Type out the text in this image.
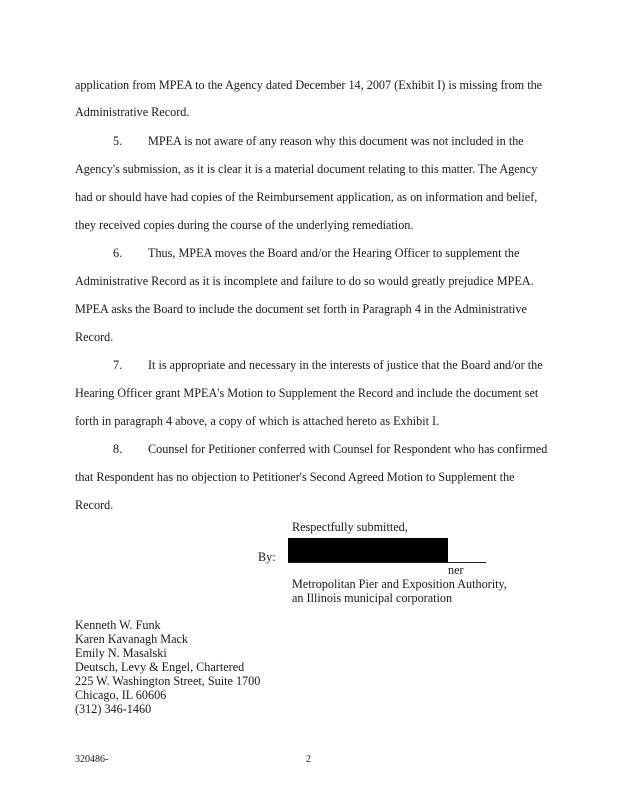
application from MPEA to the Agency dated December 14, 2007 (Exhibit I) is missing from the
Administrative Record.
5. MPEA is not aware of any reason why this document was not included in the
Agency's submission, as it is clear it is a material document relating to this matter. The Agency
had or should have had copies of the Reimbursement application, as on information and belief,
they received copies during the course of the underlying remediation.
6. Thus, MPEA moves the Board and/or the Hearing Officer to supplement the
Administrative Record as it is incomplete and failure to do so would greatly prejudice MPEA.
MPEA asks the Board to include the document set forth in Paragraph 4 in the Administrative
Record.
7. It is appropriate and necessary in the interests of justice that the Board and/or the
Hearing Officer grant MPEA's Motion to Supplement the Record and include the document set
forth in paragraph 4 above, a copy of which is attached hereto as Exhibit I.
8. Counsel for Petitioner conferred with Counsel for Respondent who has confirmed
that Respondent has no objection to Petitioner's Second Agreed Motion to Supplement the
Record.
Respectfully submitted,
By:
ner
Metropolitan Pier and Exposition Authority,
an Illinois municipal corporation
Kenneth W. Funk
Karen Kavanagh Mack
Emily N. Masalski
Deutsch, Levy & Engel, Chartered
225 W. Washington Street, Suite 1700
Chicago, IL 60606
(312) 346-1460
320486-	2
